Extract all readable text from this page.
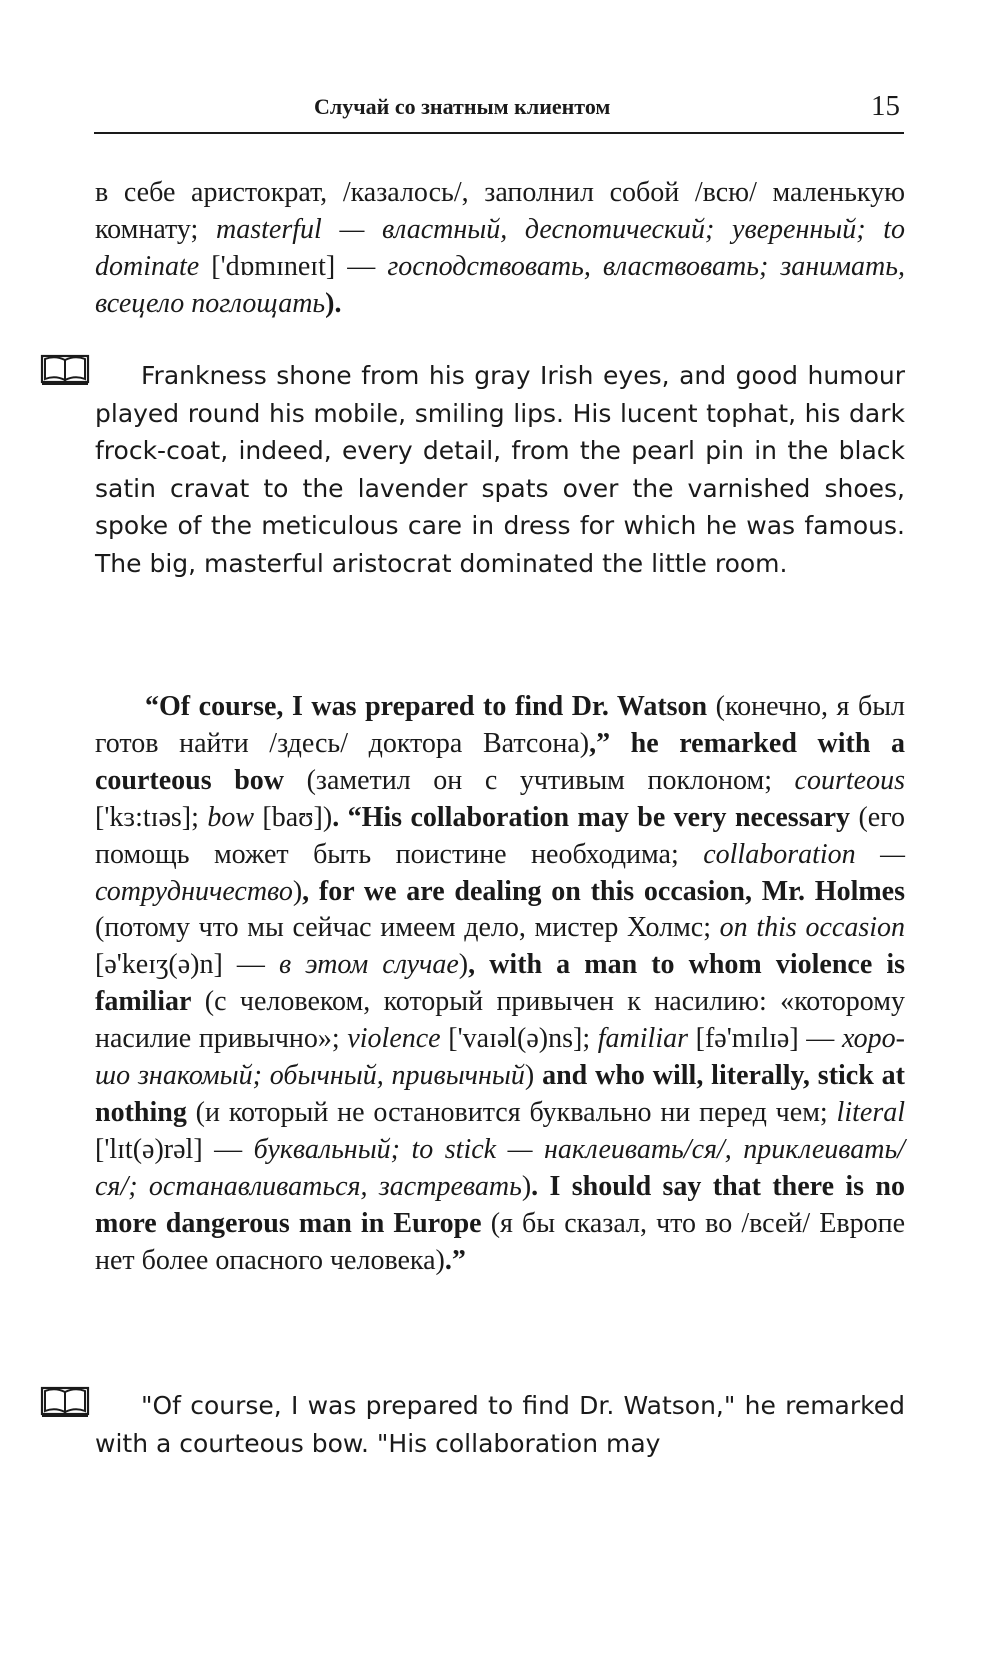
Случай со знатным клиентом	15

в себе аристократ, /казалось/, заполнил собой /всю/ маленькую комнату; masterful — властный, деспотический; уверенный; to dominate ['dɒmɪneɪt] — господствовать, властвовать; занимать, всецело поглощать).

Frankness shone from his gray Irish eyes, and good humour played round his mobile, smiling lips. His lucent tophat, his dark frock-coat, indeed, every detail, from the pearl pin in the black satin cravat to the lavender spats over the varnished shoes, spoke of the meticulous care in dress for which he was famous. The big, masterful aristocrat dominated the little room.

“Of course, I was prepared to find Dr. Watson (конечно, я был готов найти /здесь/ доктора Ватсона),” he remarked with a courteous bow (заметил он с учтивым поклоном; courteous ['kɜ:tɪəs]; bow [baʊ]). “His collaboration may be very necessary (его помощь может быть поистине необходима; collaboration — сотрудничество), for we are dealing on this occasion, Mr. Holmes (потому что мы сейчас имеем дело, мистер Холмс; on this occasion [ə'keɪʒ(ə)n] — в этом случае), with a man to whom violence is familiar (с человеком, который привычен к насилию: «которому насилие привычно»; violence ['vaɪəl(ə)ns]; familiar [fə'mɪlɪə] — хорошо знакомый; обычный, привычный) and who will, literally, stick at nothing (и который не остановится буквально ни перед чем; literal ['lɪt(ə)rəl] — буквальный; to stick — наклеивать/ся/, приклеивать/ся/; останавливаться, застревать). I should say that there is no more dangerous man in Europe (я бы сказал, что во /всей/ Европе нет более опасного человека).”

"Of course, I was prepared to find Dr. Watson," he remarked with a courteous bow. "His collaboration may
